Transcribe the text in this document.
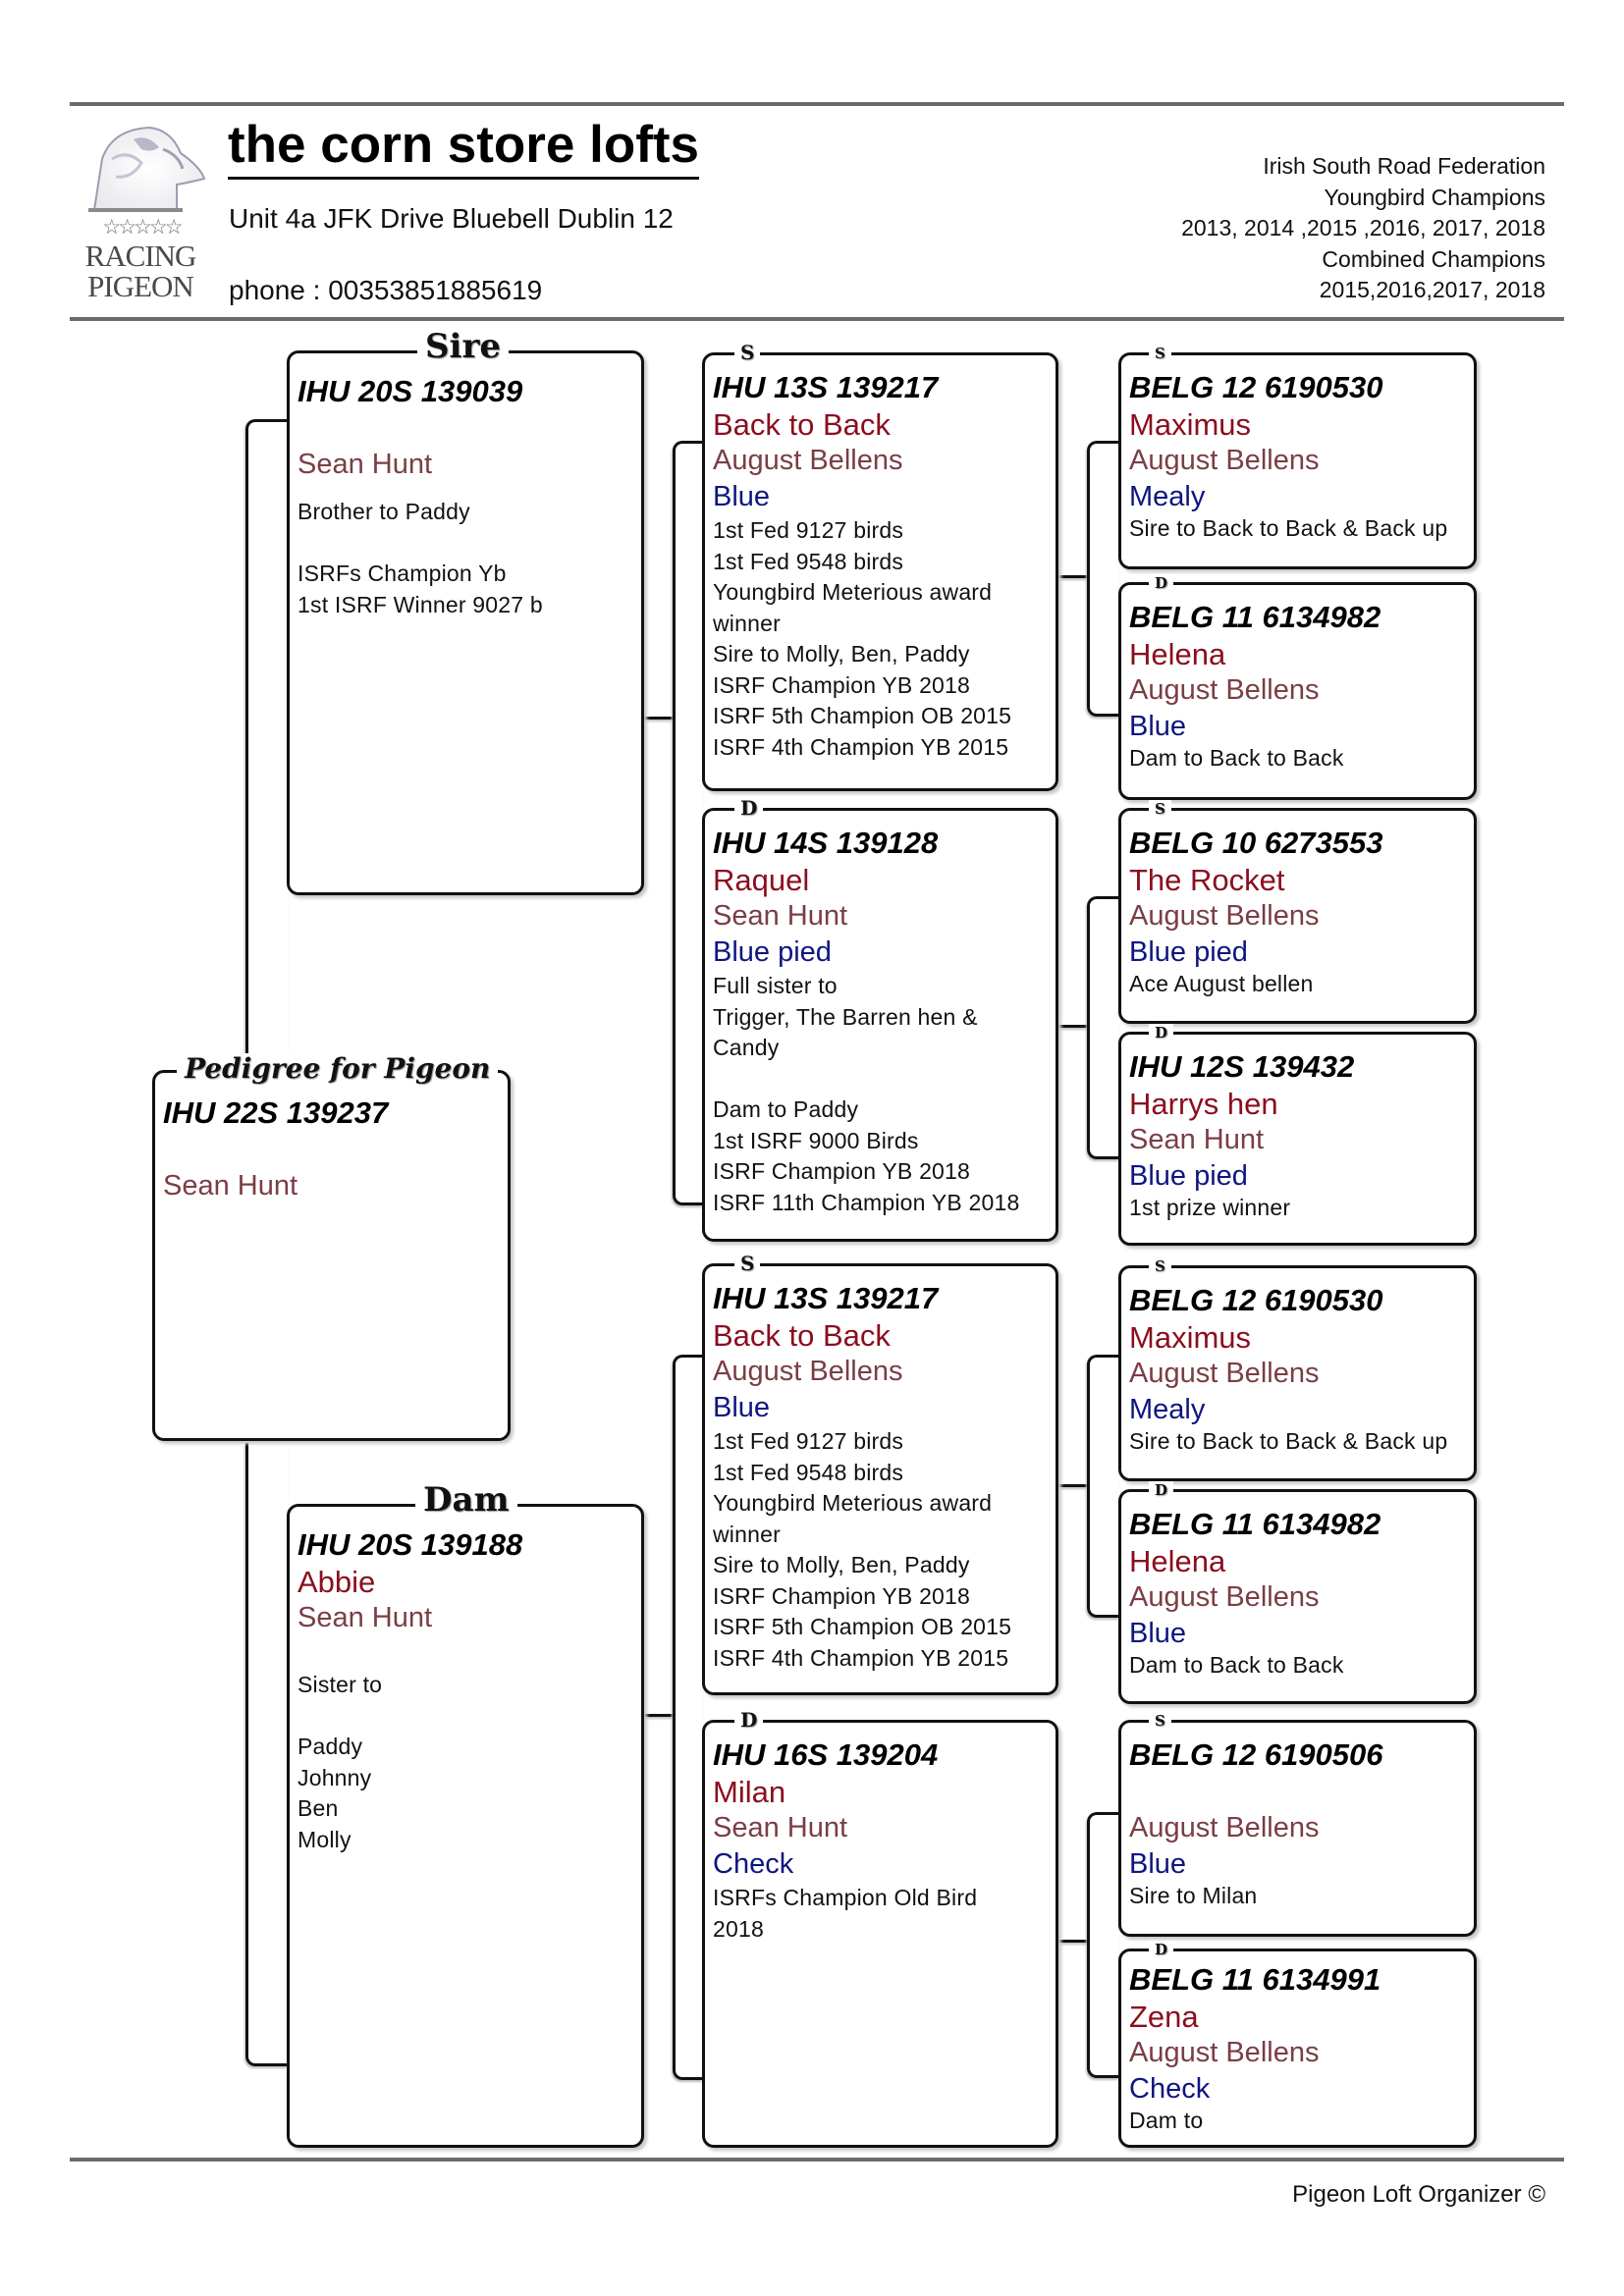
☆☆☆☆☆
RACING
PIGEON
the corn store lofts
Unit 4a JFK Drive Bluebell Dublin 12
phone : 00353851885619
Irish South Road Federation
Youngbird Champions
2013, 2014 ,2015 ,2016, 2017, 2018
Combined Champions
2015,2016,2017, 2018
Pedigree for Pigeon
IHU 22S 139237
Sean Hunt
Sire
IHU 20S 139039
Sean Hunt
Brother to Paddy

ISRFs Champion Yb
1st ISRF Winner 9027 b
Dam
IHU 20S 139188
Abbie
Sean Hunt
Sister to

Paddy
Johnny
Ben
Molly
S
IHU 13S 139217
Back to Back
August Bellens
Blue
1st Fed 9127 birds
1st Fed 9548 birds
Youngbird Meterious award
winner
Sire to Molly, Ben, Paddy
ISRF Champion YB 2018
ISRF 5th Champion OB 2015
ISRF 4th Champion YB 2015
D
IHU 14S 139128
Raquel
Sean Hunt
Blue pied
Full sister to
Trigger, The Barren hen &
Candy

Dam to Paddy
1st ISRF 9000 Birds
ISRF Champion YB 2018
ISRF 11th Champion YB 2018
S
IHU 13S 139217
Back to Back
August Bellens
Blue
1st Fed 9127 birds
1st Fed 9548 birds
Youngbird Meterious award
winner
Sire to Molly, Ben, Paddy
ISRF Champion YB 2018
ISRF 5th Champion OB 2015
ISRF 4th Champion YB 2015
D
IHU 16S 139204
Milan
Sean Hunt
Check
ISRFs Champion Old Bird
2018
S
BELG 12 6190530
Maximus
August Bellens
Mealy
Sire to Back to Back & Back up
D
BELG 11 6134982
Helena
August Bellens
Blue
Dam to Back to Back
S
BELG 10 6273553
The Rocket
August Bellens
Blue pied
Ace August bellen
D
IHU 12S 139432
Harrys hen
Sean Hunt
Blue pied
1st prize winner
S
BELG 12 6190530
Maximus
August Bellens
Mealy
Sire to Back to Back & Back up
D
BELG 11 6134982
Helena
August Bellens
Blue
Dam to Back to Back
S
BELG 12 6190506
August Bellens
Blue
Sire to Milan
D
BELG 11 6134991
Zena
August Bellens
Check
Dam to
Pigeon Loft Organizer ©
